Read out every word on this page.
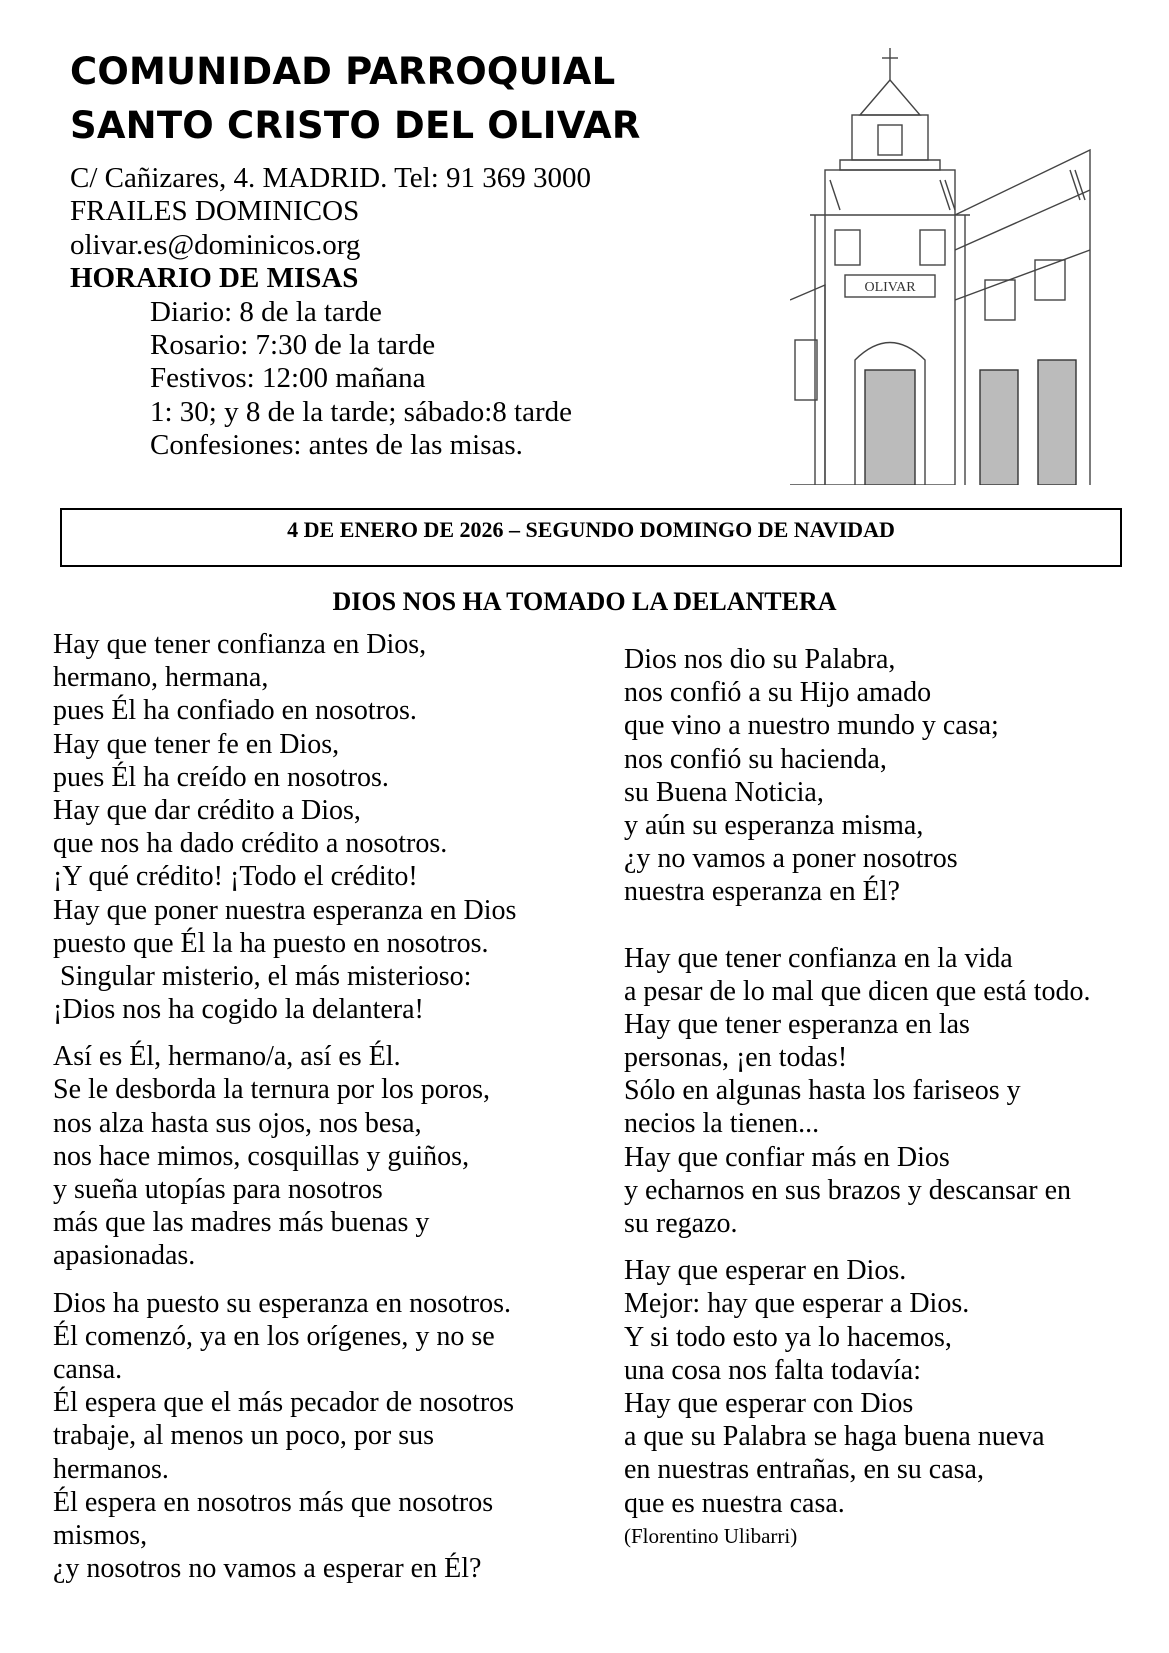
COMUNIDAD PARROQUIAL
SANTO CRISTO DEL OLIVAR
C/ Cañizares, 4. MADRID. Tel: 91 369 3000
FRAILES DOMINICOS
olivar.es@dominicos.org
HORARIO DE MISAS
Diario: 8 de la tarde
Rosario: 7:30 de la tarde
Festivos: 12:00 mañana
1: 30; y 8 de la tarde; sábado:8 tarde
Confesiones: antes de las misas.
OLIVAR
4 DE ENERO DE 2026 – SEGUNDO DOMINGO DE NAVIDAD
DIOS NOS HA TOMADO LA DELANTERA
Hay que tener confianza en Dios,
hermano, hermana,
pues Él ha confiado en nosotros.
Hay que tener fe en Dios,
pues Él ha creído en nosotros.
Hay que dar crédito a Dios,
que nos ha dado crédito a nosotros.
¡Y qué crédito! ¡Todo el crédito!
Hay que poner nuestra esperanza en Dios
puesto que Él la ha puesto en nosotros.
Singular misterio, el más misterioso:
¡Dios nos ha cogido la delantera!
Así es Él, hermano/a, así es Él.
Se le desborda la ternura por los poros,
nos alza hasta sus ojos, nos besa,
nos hace mimos, cosquillas y guiños,
y sueña utopías para nosotros
más que las madres más buenas y
apasionadas.
Dios ha puesto su esperanza en nosotros.
Él comenzó, ya en los orígenes, y no se
cansa.
Él espera que el más pecador de nosotros
trabaje, al menos un poco, por sus
hermanos.
Él espera en nosotros más que nosotros
mismos,
¿y nosotros no vamos a esperar en Él?
Dios nos dio su Palabra,
nos confió a su Hijo amado
que vino a nuestro mundo y casa;
nos confió su hacienda,
su Buena Noticia,
y aún su esperanza misma,
¿y no vamos a poner nosotros
nuestra esperanza en Él?
Hay que tener confianza en la vida
a pesar de lo mal que dicen que está todo.
Hay que tener esperanza en las
personas, ¡en todas!
Sólo en algunas hasta los fariseos y
necios la tienen...
Hay que confiar más en Dios
y echarnos en sus brazos y descansar en
su regazo.
Hay que esperar en Dios.
Mejor: hay que esperar a Dios.
Y si todo esto ya lo hacemos,
una cosa nos falta todavía:
Hay que esperar con Dios
a que su Palabra se haga buena nueva
en nuestras entrañas, en su casa,
que es nuestra casa.
(Florentino Ulibarri)
